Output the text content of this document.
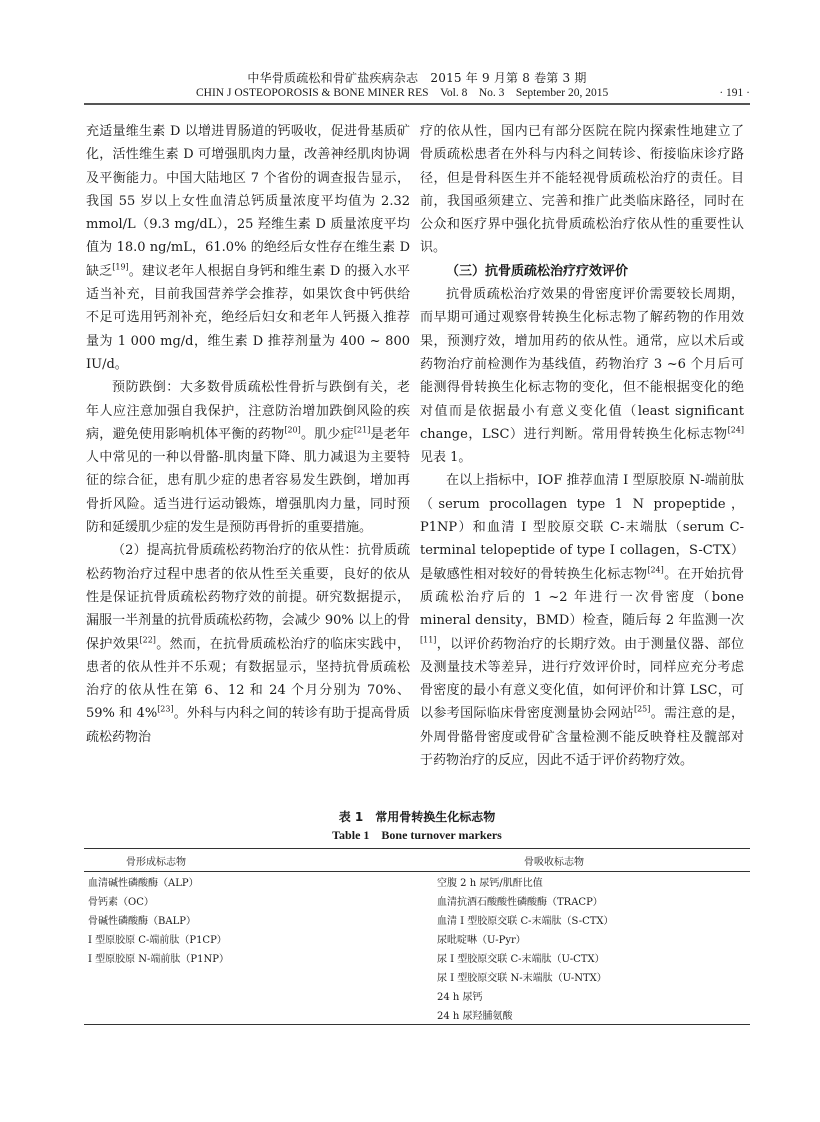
中华骨质疏松和骨矿盐疾病杂志　2015 年 9 月第 8 卷第 3 期
CHIN J OSTEOPOROSIS & BONE MINER RES　Vol. 8　No. 3　September 20, 2015	· 191 ·

充适量维生素 D 以增进胃肠道的钙吸收，促进骨基质矿化，活性维生素 D 可增强肌肉力量，改善神经肌肉协调及平衡能力。中国大陆地区 7 个省份的调查报告显示，我国 55 岁以上女性血清总钙质量浓度平均值为 2.32 mmol/L（9.3 mg/dL），25 羟维生素 D 质量浓度平均值为 18.0 ng/mL，61.0% 的绝经后女性存在维生素 D 缺乏[19]。建议老年人根据自身钙和维生素 D 的摄入水平适当补充，目前我国营养学会推荐，如果饮食中钙供给不足可选用钙剂补充，绝经后妇女和老年人钙摄入推荐量为 1 000 mg/d，维生素 D 推荐剂量为 400 ~ 800 IU/d。

预防跌倒：大多数骨质疏松性骨折与跌倒有关，老年人应注意加强自我保护，注意防治增加跌倒风险的疾病，避免使用影响机体平衡的药物[20]。肌少症[21]是老年人中常见的一种以骨骼-肌肉量下降、肌力减退为主要特征的综合征，患有肌少症的患者容易发生跌倒，增加再骨折风险。适当进行运动锻炼，增强肌肉力量，同时预防和延缓肌少症的发生是预防再骨折的重要措施。

（2）提高抗骨质疏松药物治疗的依从性：抗骨质疏松药物治疗过程中患者的依从性至关重要，良好的依从性是保证抗骨质疏松药物疗效的前提。研究数据提示，漏服一半剂量的抗骨质疏松药物，会减少 90% 以上的骨保护效果[22]。然而，在抗骨质疏松治疗的临床实践中，患者的依从性并不乐观；有数据显示，坚持抗骨质疏松治疗的依从性在第 6、12 和 24 个月分别为 70%、59% 和 4%[23]。外科与内科之间的转诊有助于提高骨质疏松药物治

疗的依从性，国内已有部分医院在院内探索性地建立了骨质疏松患者在外科与内科之间转诊、衔接临床诊疗路径，但是骨科医生并不能轻视骨质疏松治疗的责任。目前，我国亟须建立、完善和推广此类临床路径，同时在公众和医疗界中强化抗骨质疏松治疗依从性的重要性认识。

（三）抗骨质疏松治疗疗效评价

抗骨质疏松治疗效果的骨密度评价需要较长周期，而早期可通过观察骨转换生化标志物了解药物的作用效果，预测疗效，增加用药的依从性。通常，应以术后或药物治疗前检测作为基线值，药物治疗 3 ~6 个月后可能测得骨转换生化标志物的变化，但不能根据变化的绝对值而是依据最小有意义变化值（least significant change，LSC）进行判断。常用骨转换生化标志物[24]见表 1。

在以上指标中，IOF 推荐血清 Ⅰ 型原胶原 N-端前肽（serum procollagen type 1 N propeptide，P1NP）和血清 Ⅰ 型胶原交联 C-末端肽（serum C-terminal telopeptide of type Ⅰ collagen，S-CTX）是敏感性相对较好的骨转换生化标志物[24]。在开始抗骨质疏松治疗后的 1 ~2 年进行一次骨密度（bone mineral density，BMD）检查，随后每 2 年监测一次[11]，以评价药物治疗的长期疗效。由于测量仪器、部位及测量技术等差异，进行疗效评价时，同样应充分考虑骨密度的最小有意义变化值，如何评价和计算 LSC，可以参考国际临床骨密度测量协会网站[25]。需注意的是，外周骨骼骨密度或骨矿含量检测不能反映脊柱及髋部对于药物治疗的反应，因此不适于评价药物疗效。

表 1　常用骨转换生化标志物
Table 1　Bone turnover markers
骨形成标志物	骨吸收标志物
血清碱性磷酸酶（ALP）	空腹 2 h 尿钙/肌酐比值
骨钙素（OC）	血清抗酒石酸酸性磷酸酶（TRACP）
骨碱性磷酸酶（BALP）	血清 Ⅰ 型胶原交联 C-末端肽（S-CTX）
Ⅰ 型原胶原 C-端前肽（P1CP）	尿吡啶啉（U-Pyr）
Ⅰ 型原胶原 N-端前肽（P1NP）	尿 Ⅰ 型胶原交联 C-末端肽（U-CTX）
	尿 Ⅰ 型胶原交联 N-末端肽（U-NTX）
	24 h 尿钙
	24 h 尿羟脯氨酸
